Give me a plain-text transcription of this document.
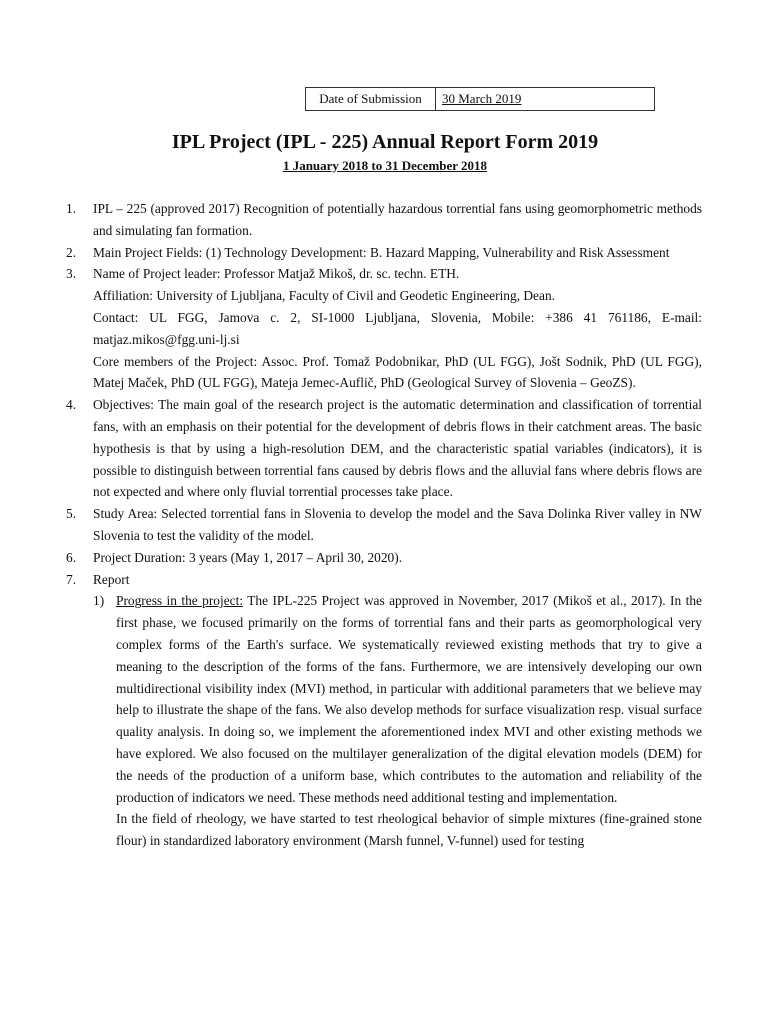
Date of Submission	30 March 2019
IPL Project (IPL - 225) Annual Report Form 2019
1 January 2018 to 31 December 2018
1.	IPL – 225 (approved 2017) Recognition of potentially hazardous torrential fans using geomorphometric methods and simulating fan formation.

2.	Main Project Fields: (1) Technology Development: B. Hazard Mapping, Vulnerability and Risk Assessment

3.	Name of Project leader: Professor Matjaž Mikoš, dr. sc. techn. ETH.

Affiliation: University of Ljubljana, Faculty of Civil and Geodetic Engineering, Dean.

Contact: UL FGG, Jamova c. 2, SI-1000 Ljubljana, Slovenia, Mobile: +386 41 761186, E-mail: matjaz.mikos@fgg.uni-lj.si

Core members of the Project: Assoc. Prof. Tomaž Podobnikar, PhD (UL FGG), Jošt Sodnik, PhD (UL FGG), Matej Maček, PhD (UL FGG), Mateja Jemec-Auflič, PhD (Geological Survey of Slovenia – GeoZS).

4.	Objectives: The main goal of the research project is the automatic determination and classification of torrential fans, with an emphasis on their potential for the development of debris flows in their catchment areas. The basic hypothesis is that by using a high-resolution DEM, and the characteristic spatial variables (indicators), it is possible to distinguish between torrential fans caused by debris flows and the alluvial fans where debris flows are not expected and where only fluvial torrential processes take place.

5.	Study Area: Selected torrential fans in Slovenia to develop the model and the Sava Dolinka River valley in NW Slovenia to test the validity of the model.

6.	Project Duration: 3 years (May 1, 2017 – April 30, 2020).

7.	Report

1) Progress in the project: The IPL-225 Project was approved in November, 2017 (Mikoš et al., 2017). In the first phase, we focused primarily on the forms of torrential fans and their parts as geomorphological very complex forms of the Earth's surface. We systematically reviewed existing methods that try to give a meaning to the description of the forms of the fans. Furthermore, we are intensively developing our own multidirectional visibility index (MVI) method, in particular with additional parameters that we believe may help to illustrate the shape of the fans. We also develop methods for surface visualization resp. visual surface quality analysis. In doing so, we implement the aforementioned index MVI and other existing methods we have explored. We also focused on the multilayer generalization of the digital elevation models (DEM) for the needs of the production of a uniform base, which contributes to the automation and reliability of the production of indicators we need. These methods need additional testing and implementation.

In the field of rheology, we have started to test rheological behavior of simple mixtures (fine-grained stone flour) in standardized laboratory environment (Marsh funnel, V-funnel) used for testing
